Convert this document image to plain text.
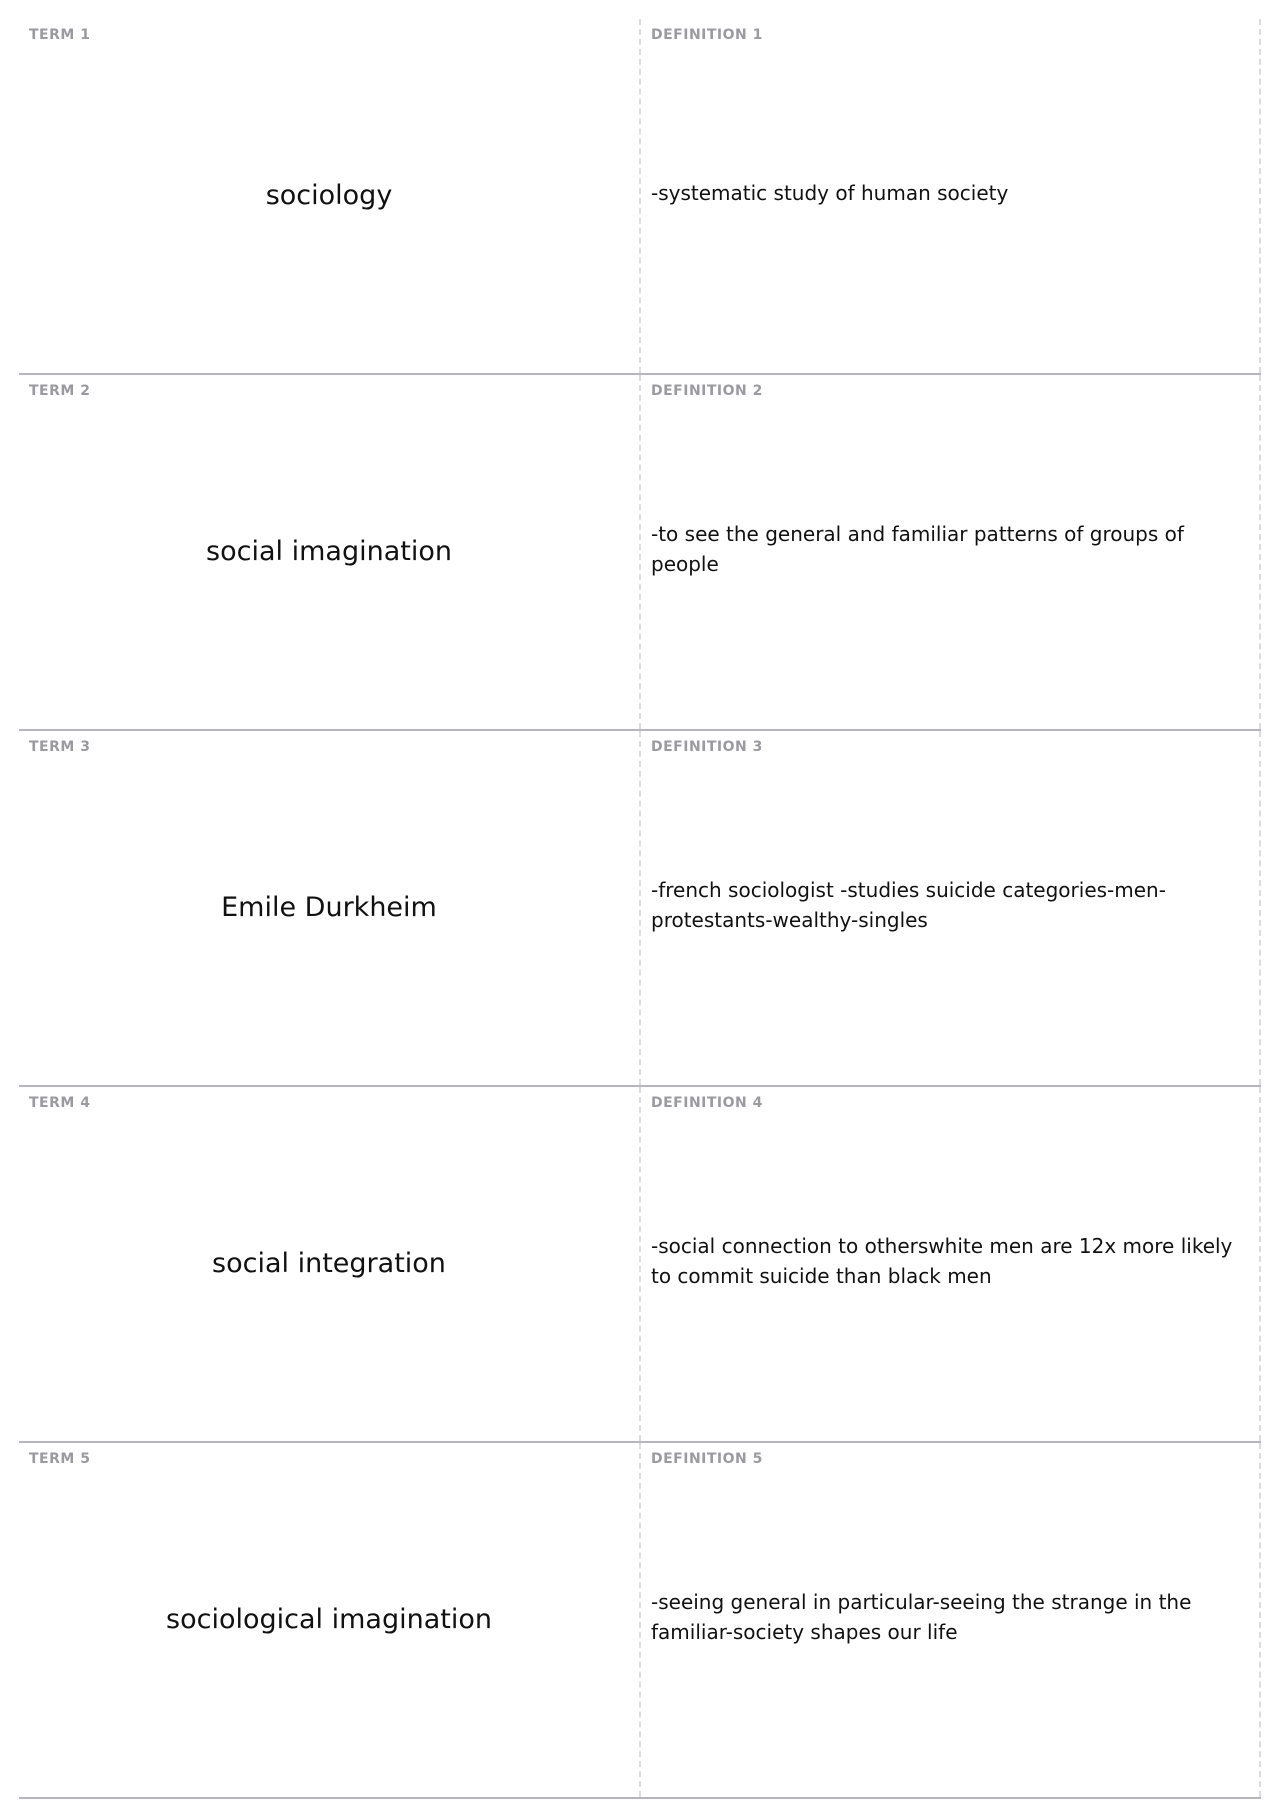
TERM 1
sociology
DEFINITION 1
-systematic study of human society
TERM 2
social imagination
DEFINITION 2
-to see the general and familiar patterns of groups of people
TERM 3
Emile Durkheim
DEFINITION 3
-french sociologist -studies suicide categories-men-protestants-wealthy-singles
TERM 4
social integration
DEFINITION 4
-social connection to otherswhite men are 12x more likely to commit suicide than black men
TERM 5
sociological imagination
DEFINITION 5
-seeing general in particular-seeing the strange in the familiar-society shapes our life
